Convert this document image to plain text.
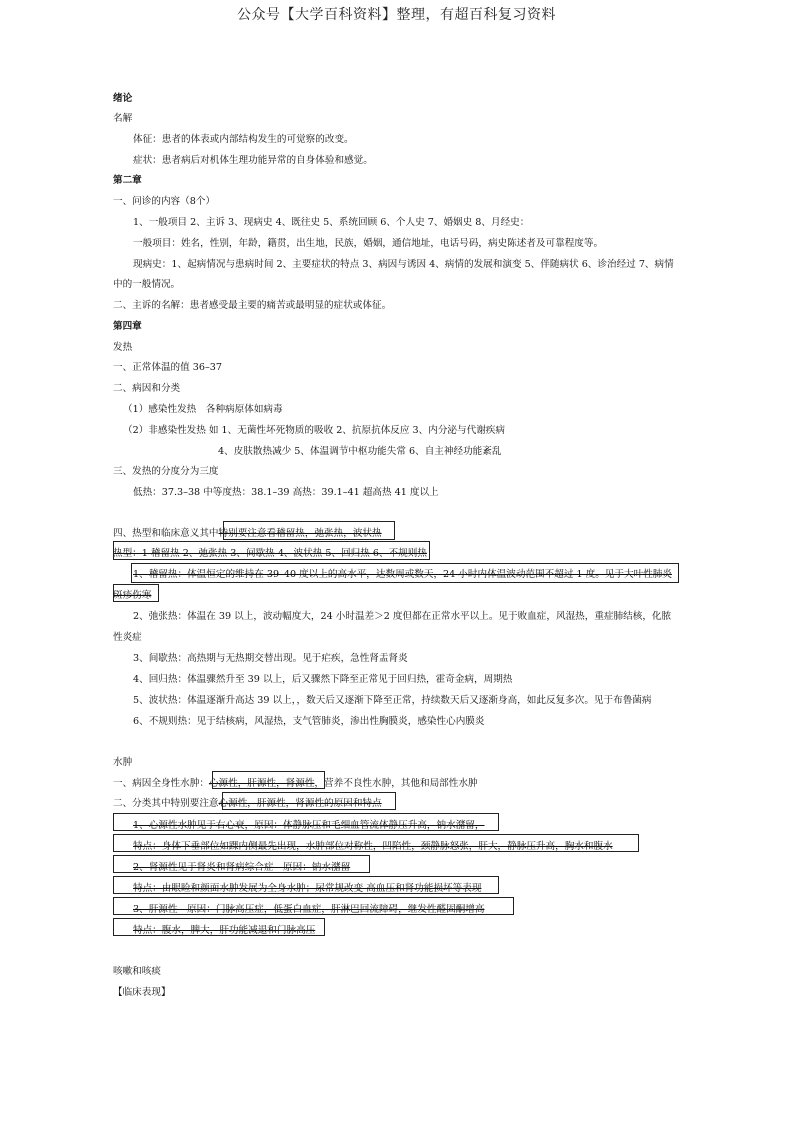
公众号【大学百科资料】整理，有超百科复习资料
绪论
名解
体征：患者的体表或内部结构发生的可觉察的改变。
症状：患者病后对机体生理功能异常的自身体验和感觉。
第二章
一、问诊的内容（8个）
1、一般项目 2、主诉 3、现病史 4、既往史 5、系统回顾 6、个人史 7、婚姻史 8、月经史：
一般项目：姓名，性别，年龄，籍贯，出生地，民族，婚姻，通信地址，电话号码，病史陈述者及可靠程度等。
现病史：1、起病情况与患病时间 2、主要症状的特点 3、病因与诱因 4、病情的发展和演变 5、伴随病状 6、诊治经过 7、病情
中的一般情况。
二、主诉的名解：患者感受最主要的痛苦或最明显的症状或体征。
第四章
发热
一、正常体温的值 36–37
二、病因和分类
（1）感染性发热　各种病原体如病毒
（2）非感染性发热 如 1、无菌性坏死物质的吸收 2、抗原抗体反应 3、内分泌与代谢疾病
4、皮肤散热减少 5、体温调节中枢功能失常 6、自主神经功能紊乱
三、发热的分度分为三度
低热：37.3–38 中等度热：38.1–39 高热：39.1–41 超高热 41 度以上
四、热型和临床意义其中特别要注意看稽留热，弛张热，波状热
热型：1 稽留热 2、弛张热 3、间歇热 4、波状热 5、回归热 6、不规则热
1、稽留热：体温恒定的维持在 39–40 度以上的高水平，达数周或数天，24 小时内体温波动范围不超过 1 度。见于大叶性肺炎
斑疹伤寒
2、弛张热：体温在 39 以上，波动幅度大，24 小时温差＞2 度但都在正常水平以上。见于败血症，风湿热，重症肺结核，化脓
性炎症
3、间歇热：高热期与无热期交替出现。见于疟疾，急性肾盂肾炎
4、回归热：体温骤然升至 39 以上，后又骤然下降至正常见于回归热，霍奇金病，周期热
5、波状热：体温逐渐升高达 39 以上，，数天后又逐渐下降至正常，持续数天后又逐渐身高，如此反复多次。见于布鲁菌病
6、不规则热：见于结核病，风湿热，支气管肺炎，渗出性胸膜炎，感染性心内膜炎
水肿
一、病因全身性水肿：心源性，肝源性，肾源性，营养不良性水肿，其他和局部性水肿
二、分类其中特别要注意心源性，肝源性，肾源性的原因和特点
1、心源性水肿见于右心衰，原因：体静脉压和毛细血管流体静压升高，钠水潴留，
特点：身体下垂部位如踝内侧最先出现，水肿部位对称性，凹陷性，颈静脉怒张，肝大，静脉压升高，胸水和腹水
2、肾源性见于肾炎和肾病综合症　原因：钠水潴留
特点：由眼睑和颜面水肿发展为全身水肿；尿常规改变 高血压和肾功能损坏等表现
3、肝源性　原因：门脉高压症，低蛋白血症，肝淋巴回流障碍，继发性醛固酮增高
特点：腹水，脾大，肝功能减退和门脉高压
咳嗽和咳痰
【临床表现】
